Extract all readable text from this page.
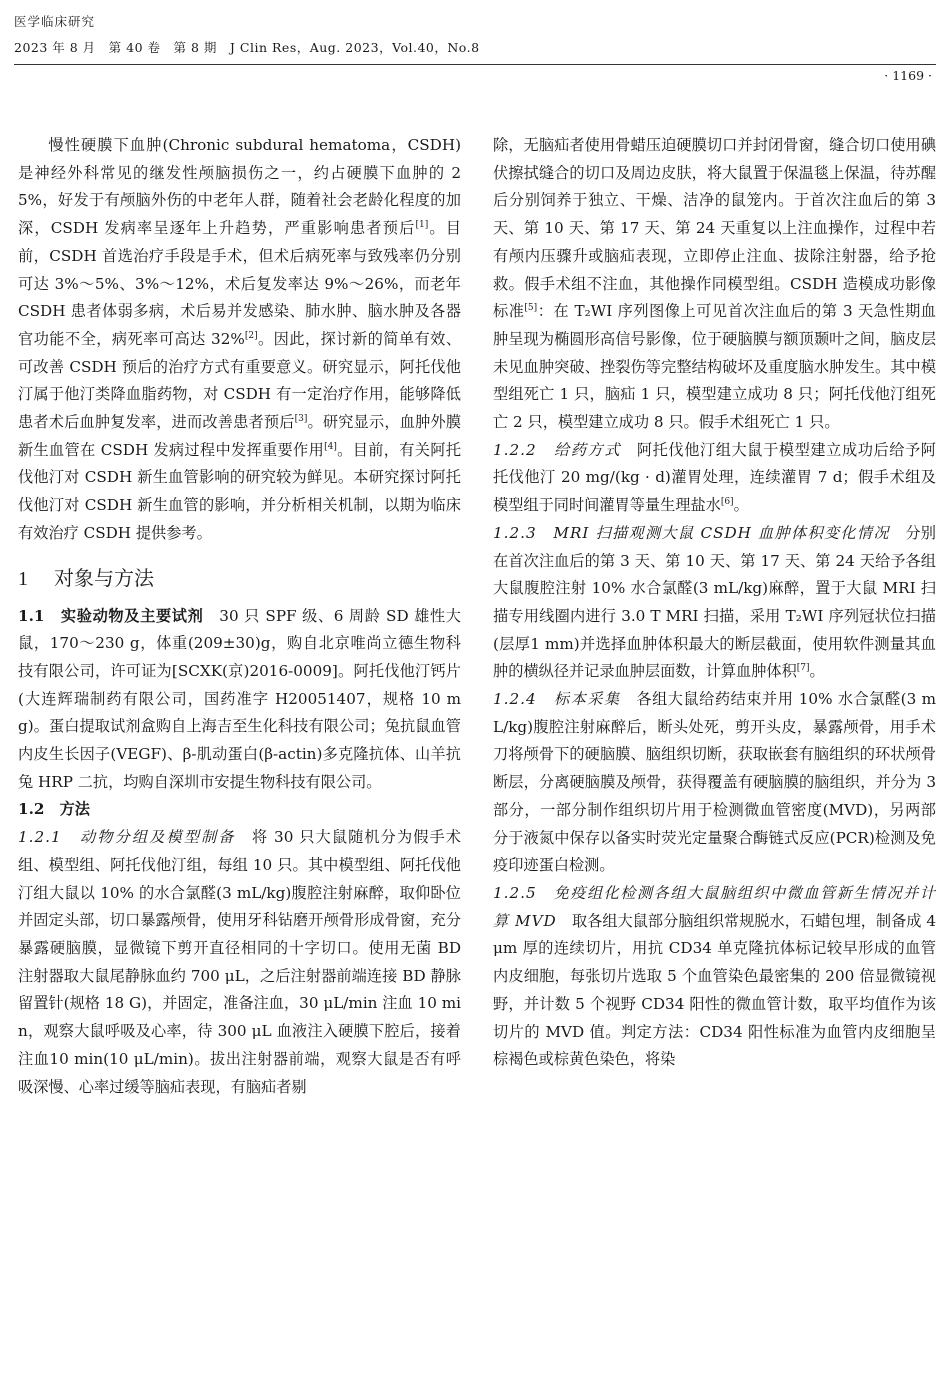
医学临床研究
2023 年 8 月　第 40 卷　第 8 期　J Clin Res，Aug. 2023，Vol.40，No.8
· 1169 ·

慢性硬膜下血肿(Chronic subdural hematoma，CSDH)是神经外科常见的继发性颅脑损伤之一，约占硬膜下血肿的 25%，好发于有颅脑外伤的中老年人群，随着社会老龄化程度的加深，CSDH 发病率呈逐年上升趋势，严重影响患者预后[1]。目前，CSDH 首选治疗手段是手术，但术后病死率与致残率仍分别可达 3%～5%、3%～12%，术后复发率达 9%～26%，而老年 CSDH 患者体弱多病，术后易并发感染、肺水肿、脑水肿及各器官功能不全，病死率可高达 32%[2]。因此，探讨新的简单有效、可改善 CSDH 预后的治疗方式有重要意义。研究显示，阿托伐他汀属于他汀类降血脂药物，对 CSDH 有一定治疗作用，能够降低患者术后血肿复发率，进而改善患者预后[3]。研究显示，血肿外膜新生血管在 CSDH 发病过程中发挥重要作用[4]。目前，有关阿托伐他汀对 CSDH 新生血管影响的研究较为鲜见。本研究探讨阿托伐他汀对 CSDH 新生血管的影响，并分析相关机制，以期为临床有效治疗 CSDH 提供参考。

1 对象与方法

1.1　实验动物及主要试剂　30 只 SPF 级、6 周龄 SD 雄性大鼠，170～230 g，体重(209±30)g，购自北京唯尚立德生物科技有限公司，许可证为[SCXK(京)2016-0009]。阿托伐他汀钙片(大连辉瑞制药有限公司，国药准字 H20051407，规格 10 mg)。蛋白提取试剂盒购自上海吉至生化科技有限公司；兔抗鼠血管内皮生长因子(VEGF)、β-肌动蛋白(β-actin)多克隆抗体、山羊抗兔 HRP 二抗，均购自深圳市安提生物科技有限公司。

1.2　方法

1.2.1　动物分组及模型制备　将 30 只大鼠随机分为假手术组、模型组、阿托伐他汀组，每组 10 只。其中模型组、阿托伐他汀组大鼠以 10% 的水合氯醛(3 mL/kg)腹腔注射麻醉，取仰卧位并固定头部，切口暴露颅骨，使用牙科钻磨开颅骨形成骨窗，充分暴露硬脑膜，显微镜下剪开直径相同的十字切口。使用无菌 BD 注射器取大鼠尾静脉血约 700 μL，之后注射器前端连接 BD 静脉留置针(规格 18 G)，并固定，准备注血，30 μL/min 注血 10 min，观察大鼠呼吸及心率，待 300 μL 血液注入硬膜下腔后，接着注血10 min(10 μL/min)。拔出注射器前端，观察大鼠是否有呼吸深慢、心率过缓等脑疝表现，有脑疝者剔

除，无脑疝者使用骨蜡压迫硬膜切口并封闭骨窗，缝合切口使用碘伏擦拭缝合的切口及周边皮肤，将大鼠置于保温毯上保温，待苏醒后分别饲养于独立、干燥、洁净的鼠笼内。于首次注血后的第 3 天、第 10 天、第 17 天、第 24 天重复以上注血操作，过程中若有颅内压骤升或脑疝表现，立即停止注血、拔除注射器，给予抢救。假手术组不注血，其他操作同模型组。CSDH 造模成功影像标准[5]：在 T₂WI 序列图像上可见首次注血后的第 3 天急性期血肿呈现为椭圆形高信号影像，位于硬脑膜与额顶颞叶之间，脑皮层未见血肿突破、挫裂伤等完整结构破坏及重度脑水肿发生。其中模型组死亡 1 只，脑疝 1 只，模型建立成功 8 只；阿托伐他汀组死亡 2 只，模型建立成功 8 只。假手术组死亡 1 只。

1.2.2　给药方式　阿托伐他汀组大鼠于模型建立成功后给予阿托伐他汀 20 mg/(kg · d)灌胃处理，连续灌胃 7 d；假手术组及模型组于同时间灌胃等量生理盐水[6]。

1.2.3　MRI 扫描观测大鼠 CSDH 血肿体积变化情况　分别在首次注血后的第 3 天、第 10 天、第 17 天、第 24 天给予各组大鼠腹腔注射 10% 水合氯醛(3 mL/kg)麻醉，置于大鼠 MRI 扫描专用线圈内进行 3.0 T MRI 扫描，采用 T₂WI 序列冠状位扫描(层厚1 mm)并选择血肿体积最大的断层截面，使用软件测量其血肿的横纵径并记录血肿层面数，计算血肿体积[7]。

1.2.4　标本采集　各组大鼠给药结束并用 10% 水合氯醛(3 mL/kg)腹腔注射麻醉后，断头处死，剪开头皮，暴露颅骨，用手术刀将颅骨下的硬脑膜、脑组织切断，获取嵌套有脑组织的环状颅骨断层，分离硬脑膜及颅骨，获得覆盖有硬脑膜的脑组织，并分为 3 部分，一部分制作组织切片用于检测微血管密度(MVD)，另两部分于液氮中保存以备实时荧光定量聚合酶链式反应(PCR)检测及免疫印迹蛋白检测。

1.2.5　免疫组化检测各组大鼠脑组织中微血管新生情况并计算 MVD　取各组大鼠部分脑组织常规脱水，石蜡包埋，制备成 4 μm 厚的连续切片，用抗 CD34 单克隆抗体标记较早形成的血管内皮细胞，每张切片选取 5 个血管染色最密集的 200 倍显微镜视野，并计数 5 个视野 CD34 阳性的微血管计数，取平均值作为该切片的 MVD 值。判定方法：CD34 阳性标准为血管内皮细胞呈棕褐色或棕黄色染色，将染
